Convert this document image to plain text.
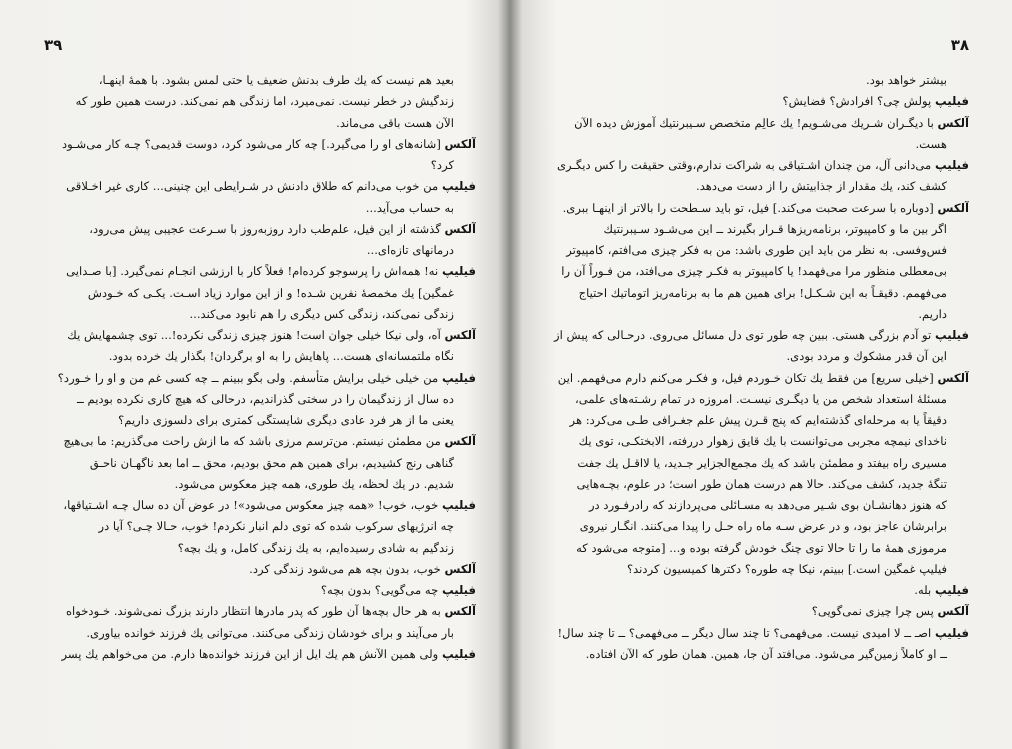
۳۹
بعید هم نیست که یك طرف بدنش ضعیف یا حتی لمس بشود. با همهٔ اینهـا،
زندگیش در خطر نیست. نمی‌میرد، اما زندگی هم نمی‌کند. درست همین طور که
الآن هست باقی می‌ماند.
آلکس [شانه‌های او را می‌گیرد.] چه کار می‌شود کرد، دوست قدیمی؟ چـه کار می‌شـود
کرد؟
فیلیپ من خوب می‌دانم که طلاق دادنش در شـرایطی این چنینی... کاری غیر اخـلاقی
به حساب می‌آید...
آلکس گذشته از این فیل، علم‌طب دارد روزبه‌روز با سـرعت عجیبی پیش می‌رود،
درمانهای تازه‌ای...
فیلیپ نه! همه‌اش را پرسوجو کرده‌ام! فعلاً کار با ارزشی انجـام نمی‌گیرد. [با صـدایی
غمگین] یك مخمصهٔ نفرین شـده! و از این موارد زیاد اسـت. یکـی که خـودش
زندگی نمی‌کند، زندگی کس دیگری را هم نابود می‌کند...
آلکس آه، ولی نیکا خیلی جوان است! هنوز چیزی زندگی نکرده!... توی چشمهایش یك
نگاه ملتمسانه‌ای هست... پاهایش را به او برگردان! بگذار یك خرده بدود.
فیلیپ من خیلی خیلی برایش متأسفم. ولی بگو ببینم ــ چه کسی غم من و او را خـورد؟
ده سال از زندگیمان را در سختی گذراندیم، درحالی که هیچ کاری نکرده بودیم ــ
یعنی ما از هر فرد عادی دیگری شایستگی کمتری برای دلسوزی داریم؟
آلکس من مطمئن نیستم. من‌ترسم مرزی باشد که ما ازش راحت می‌گذریم: ما بی‌هیچ
گناهی رنج کشیدیم، برای همین هم محق بودیم، محق ــ اما بعد ناگهـان ناحـق
شدیم. در یك لحظه، یك طوری، همه چیز معکوس می‌شود.
فیلیپ خوب، خوب! «همه چیز معکوس می‌شود»! در عوض آن ده سال چـه اشـتیاقها،
چه انرژیهای سرکوب شده که توی دلم انبار نکردم! خوب، حـالا چـی؟ آیا در
زندگیم به شادی رسیده‌ایم، به یك زندگی کامل، و یك بچه؟
آلکس خوب، بدون بچه هم می‌شود زندگی کرد.
فیلیپ چه می‌گویی؟ بدون بچه؟
آلکس به هر حال بچه‌ها آن طور که پدر مادرها انتظار دارند بزرگ نمی‌شوند. خـودخواه
بار می‌آیند و برای خودشان زندگی می‌کنند. می‌توانی یك فرزند خوانده بیاوری.
فیلیپ ولی همین الآنش هم یك ایل از این فرزند خوانده‌ها دارم. من می‌خواهم یك پسر
۳۸
بیشتر خواهد بود.
فیلیپ پولش چی؟ افرادش؟ فضایش؟
آلکس با دیگـران شـریك می‌شـویم! یك عالِم متخصص سـیبرنتیك آموزش دیده الآن
هست.
فیلیپ می‌دانی آل، من چندان اشـتیاقی به شراکت ندارم،وقتی حقیقت را کس دیگـری
کشف کند، یك مقدار از جذابیتش را از دست می‌دهد.
آلکس [دوباره با سرعت صحبت می‌کند.] فیل، تو باید سـطحت را بالاتر از اینهـا ببری.
اگر بین ما و کامپیوتر، برنامه‌ریزها قـرار بگیرند ــ این می‌شـود سـیبرنتیك
فس‌وفسی. به نظر من باید این طوری باشد: من به فکر چیزی می‌افتم، کامپیوتر
بی‌معطلی منظور مرا می‌فهمد! یا کامپیوتر به فکـر چیزی می‌افتد، من فـوراً آن را
می‌فهمم. دقیقـاً به این شـکـل! برای همین هم ما به برنامه‌ریز اتوماتیك احتیاج
داریم.
فیلیپ تو آدم بزرگی هستی. ببین چه طور توی دل مسائل می‌روی. درحـالی که پیش از
این آن قدر مشکوك و مردد بودی.
آلکس [خیلی سریع] من فقط یك تکان خـوردم فیل، و فکـر می‌کنم دارم می‌فهمم. این
مسئلهٔ استعداد شخص من یا دیگـری نیسـت. امروزه در تمام رشـته‌های علمی،
دقیقاً یا به مرحله‌ای گذشته‌ایم که پنج قـرن پیش علم جغـرافی طـی می‌کرد: هر
ناخدای نیمچه مجربی می‌توانست با یك قایق زهوار دررفته، الابختکـی، توی یك
مسیری راه بیفتد و مطمئن باشد که یك مجمع‌الجزایر جـدید، یا لااقـل یك جفت
تنگهٔ جدید، کشف می‌کند. حالا هم درست همان طور است؛ در علوم، بچـه‌هایی
که هنوز دهانشـان بوی شـیر می‌دهد به مسـائلی می‌پردازند که رادرفـورد در
برابرشان عاجز بود، و در عرض سـه ماه راه حـل را پیدا می‌کنند. انگـار نیروی
مرموزی همهٔ ما را تا حالا توی چنگ خودش گرفته بوده و... [متوجه می‌شود که
فیلیپ غمگین است.] ببینم، نیکا چه طوره؟ دکترها کمیسیون کردند؟
فیلیپ بله.
آلکس پس چرا چیزی نمی‌گویی؟
فیلیپ اصـ ــ لا امیدی نیست. می‌فهمی؟ تا چند سال دیگر ــ می‌فهمی؟ ــ تا چند سال!
ــ او کاملاً زمین‌گیر می‌شود. می‌افتد آن جا، همین. همان طور که الآن افتاده.
